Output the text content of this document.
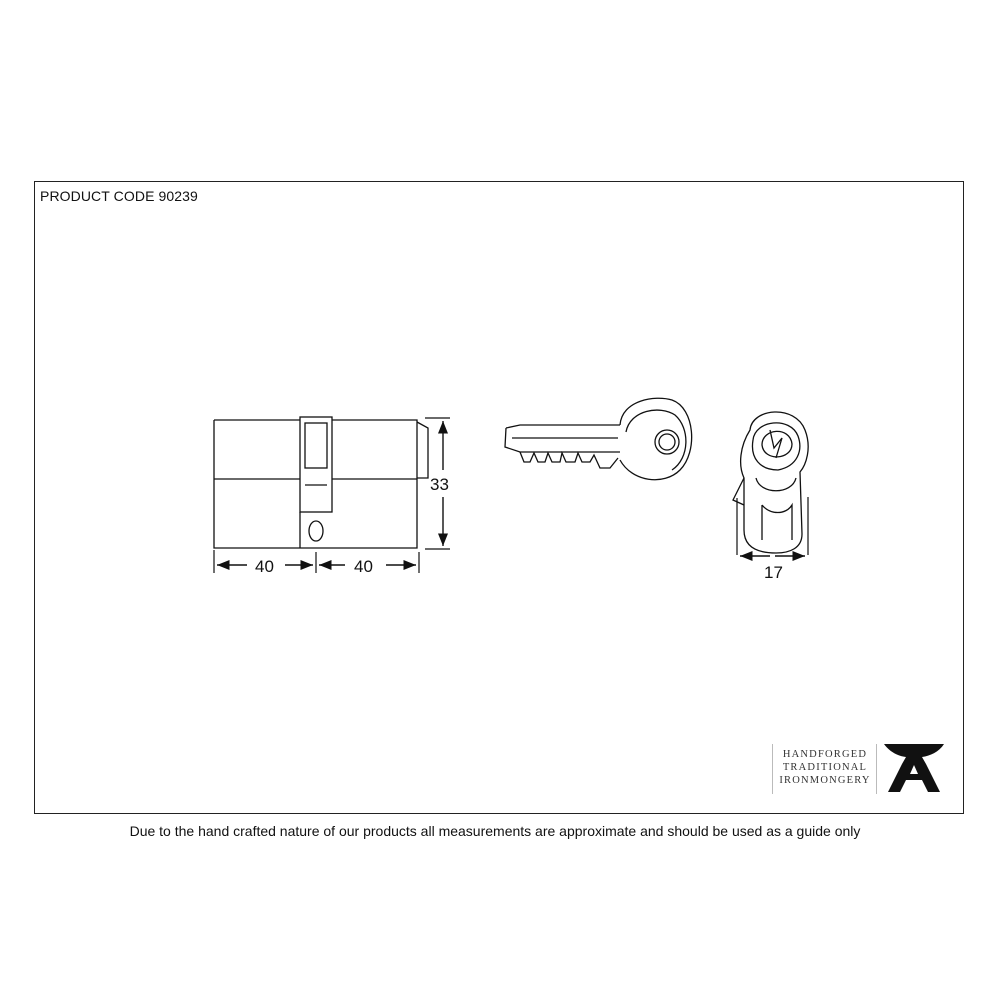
PRODUCT CODE 90239
33
40	40	17
HANDFORGED
TRADITIONAL
IRONMONGERY
Due to the hand crafted nature of our products all measurements are approximate and should be used as a guide only
